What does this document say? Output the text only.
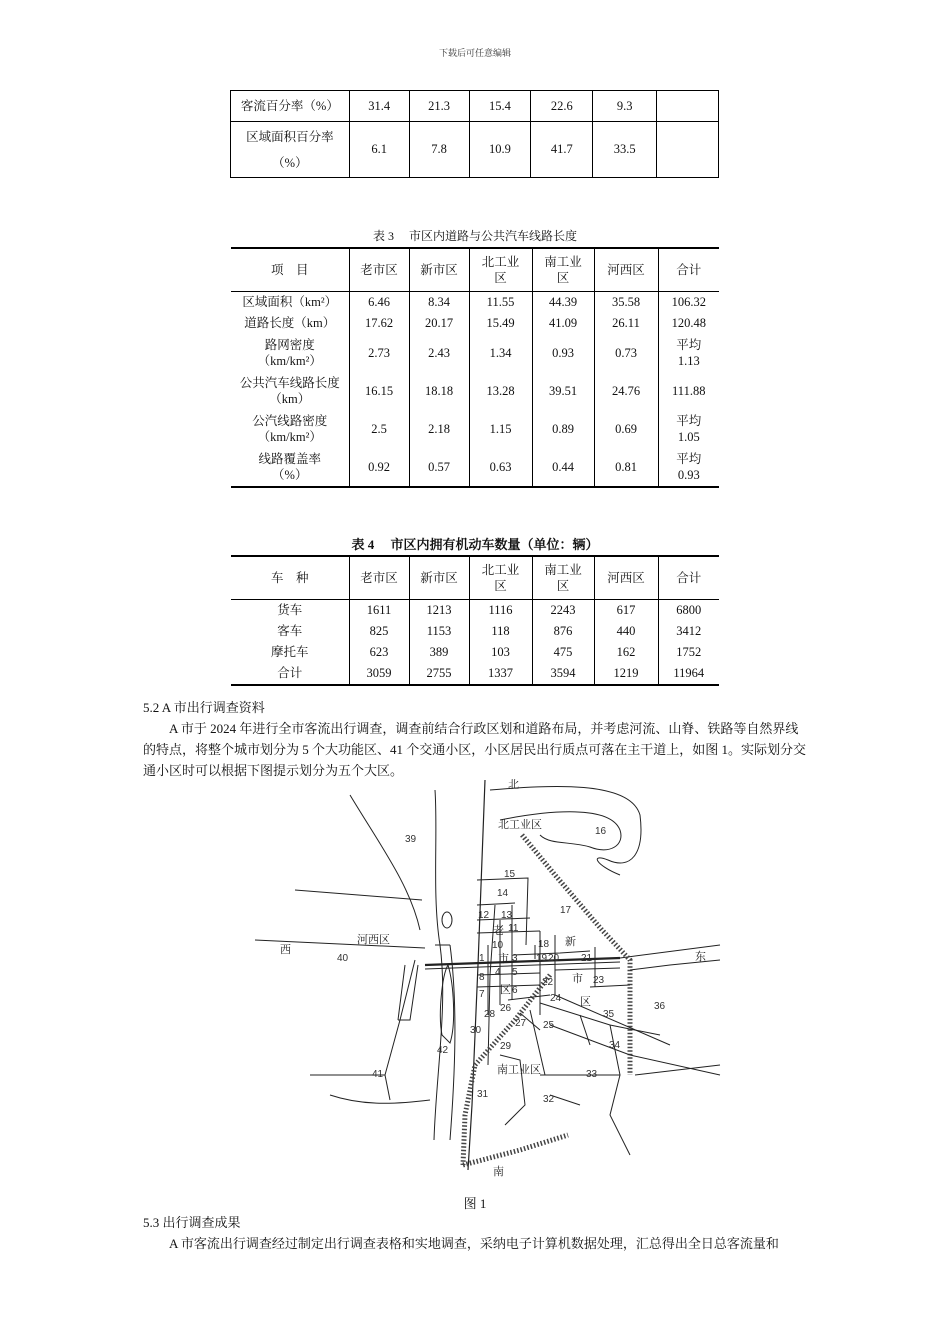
下载后可任意编辑
客流百分率（%）	31.4	21.3	15.4	22.6	9.3	
区域面积百分率（%）	6.1	7.8	10.9	41.7	33.5	
表 3　 市区内道路与公共汽车线路长度
项　目	老市区	新市区	北工业区	南工业区	河西区	合计
区域面积（km²）	6.46	8.34	11.55	44.39	35.58	106.32
道路长度（km）	17.62	20.17	15.49	41.09	26.11	120.48
路网密度（km/km²）	2.73	2.43	1.34	0.93	0.73	平均 1.13
公共汽车线路长度（km）	16.15	18.18	13.28	39.51	24.76	111.88
公汽线路密度（km/km²）	2.5	2.18	1.15	0.89	0.69	平均 1.05
线路覆盖率（%）	0.92	0.57	0.63	0.44	0.81	平均 0.93
表 4　 市区内拥有机动车数量（单位：辆）
车　种	老市区	新市区	北工业区	南工业区	河西区	合计
货车	1611	1213	1116	2243	617	6800
客车	825	1153	118	876	440	3412
摩托车	623	389	103	475	162	1752
合计	3059	2755	1337	3594	1219	11964
5.2 A 市出行调查资料
A 市于 2024 年进行全市客流出行调查，调查前结合行政区划和道路布局，并考虑河流、山脊、铁路等自然界线的特点，将整个城市划分为 5 个大功能区、41 个交通小区，小区居民出行质点可落在主干道上，如图 1。实际划分交通小区时可以根据下图提示划分为五个大区。
北
南
东
西
北工业区
河西区
南工业区
老
市
区
新
市
区
1	3
4 5
6
7
8
10
11
12 13
14
15
16
17
18
19 20 21
22	23
24
25
26
27
28
29
30
31	32
33
34
35
36
39
40
41
42
图 1
5.3 出行调查成果
A 市客流出行调查经过制定出行调查表格和实地调查，采纳电子计算机数据处理，汇总得出全日总客流量和
